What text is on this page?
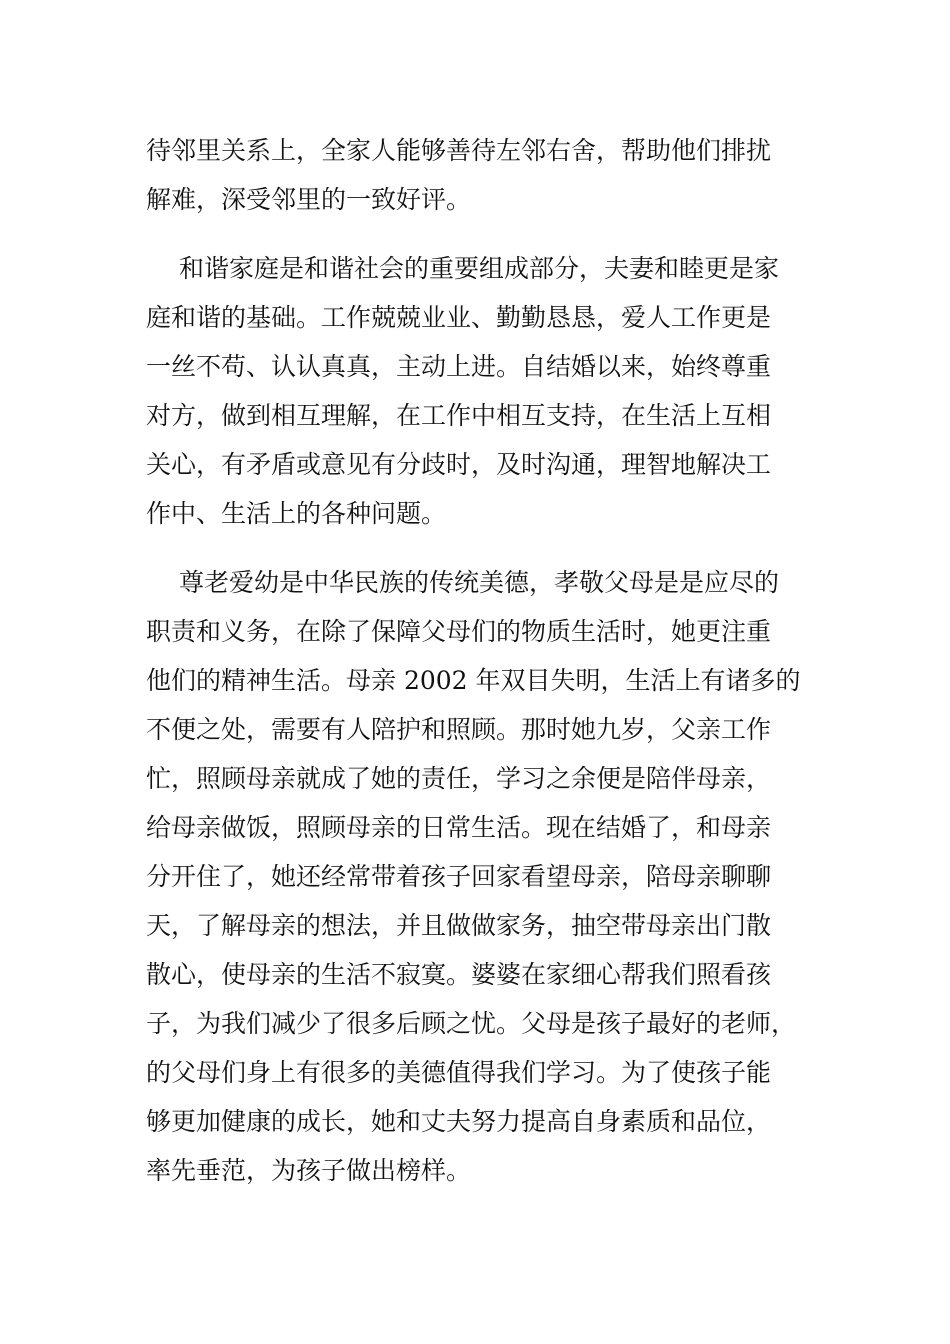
待邻里关系上，全家人能够善待左邻右舍，帮助他们排扰
解难，深受邻里的一致好评。
和谐家庭是和谐社会的重要组成部分，夫妻和睦更是家
庭和谐的基础。工作兢兢业业、勤勤恳恳，爱人工作更是
一丝不苟、认认真真，主动上进。自结婚以来，始终尊重
对方，做到相互理解，在工作中相互支持，在生活上互相
关心，有矛盾或意见有分歧时，及时沟通，理智地解决工
作中、生活上的各种问题。
尊老爱幼是中华民族的传统美德，孝敬父母是是应尽的
职责和义务，在除了保障父母们的物质生活时，她更注重
他们的精神生活。母亲 2002 年双目失明，生活上有诸多的
不便之处，需要有人陪护和照顾。那时她九岁，父亲工作
忙，照顾母亲就成了她的责任，学习之余便是陪伴母亲，
给母亲做饭，照顾母亲的日常生活。现在结婚了，和母亲
分开住了，她还经常带着孩子回家看望母亲，陪母亲聊聊
天，了解母亲的想法，并且做做家务，抽空带母亲出门散
散心，使母亲的生活不寂寞。婆婆在家细心帮我们照看孩
子，为我们减少了很多后顾之忧。父母是孩子最好的老师，
的父母们身上有很多的美德值得我们学习。为了使孩子能
够更加健康的成长，她和丈夫努力提高自身素质和品位，
率先垂范，为孩子做出榜样。
